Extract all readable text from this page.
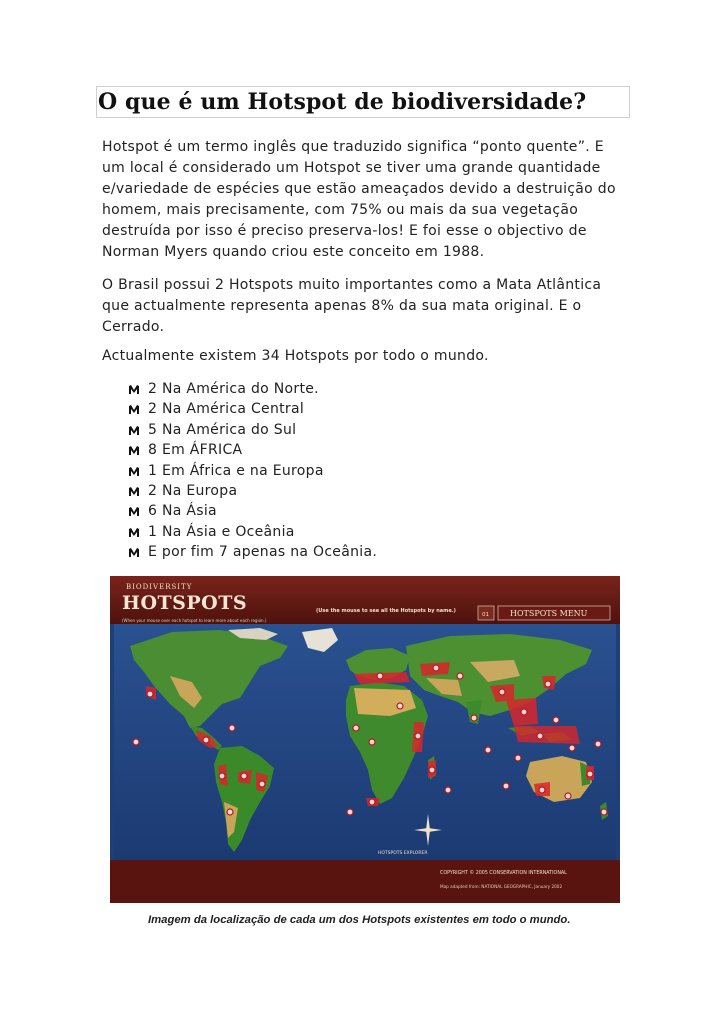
O que é um Hotspot de biodiversidade?
Hotspot é um termo inglês que traduzido significa “ponto quente”. E
um local é considerado um Hotspot se tiver uma grande quantidade
e/variedade de espécies que estão ameaçados devido a destruição do
homem, mais precisamente, com 75% ou mais da sua vegetação
destruída por isso é preciso preserva-los! E foi esse o objectivo de
Norman Myers quando criou este conceito em 1988.
O Brasil possui 2 Hotspots muito importantes como a Mata Atlântica
que actualmente representa apenas 8% da sua mata original. E o
Cerrado.
Actualmente existem 34 Hotspots por todo o mundo.
2 Na América do Norte.
2 Na América Central
5 Na América do Sul
8 Em ÁFRICA
1 Em África e na Europa
2 Na Europa
6 Na Ásia
1 Na Ásia e Oceânia
E por fim 7 apenas na Oceânia.
BIODIVERSITY
HOTSPOTS	(Use the mouse to see all the Hotspots by name.)
01	HOTSPOTS MENU
(When your mouse over each hotspot to learn more about each region.)
HOTSPOTS EXPLORER
COPYRIGHT © 2005 CONSERVATION INTERNATIONAL
Map adapted from: NATIONAL GEOGRAPHIC, January 2002
Imagem da localização de cada um dos Hotspots existentes em todo o mundo.
